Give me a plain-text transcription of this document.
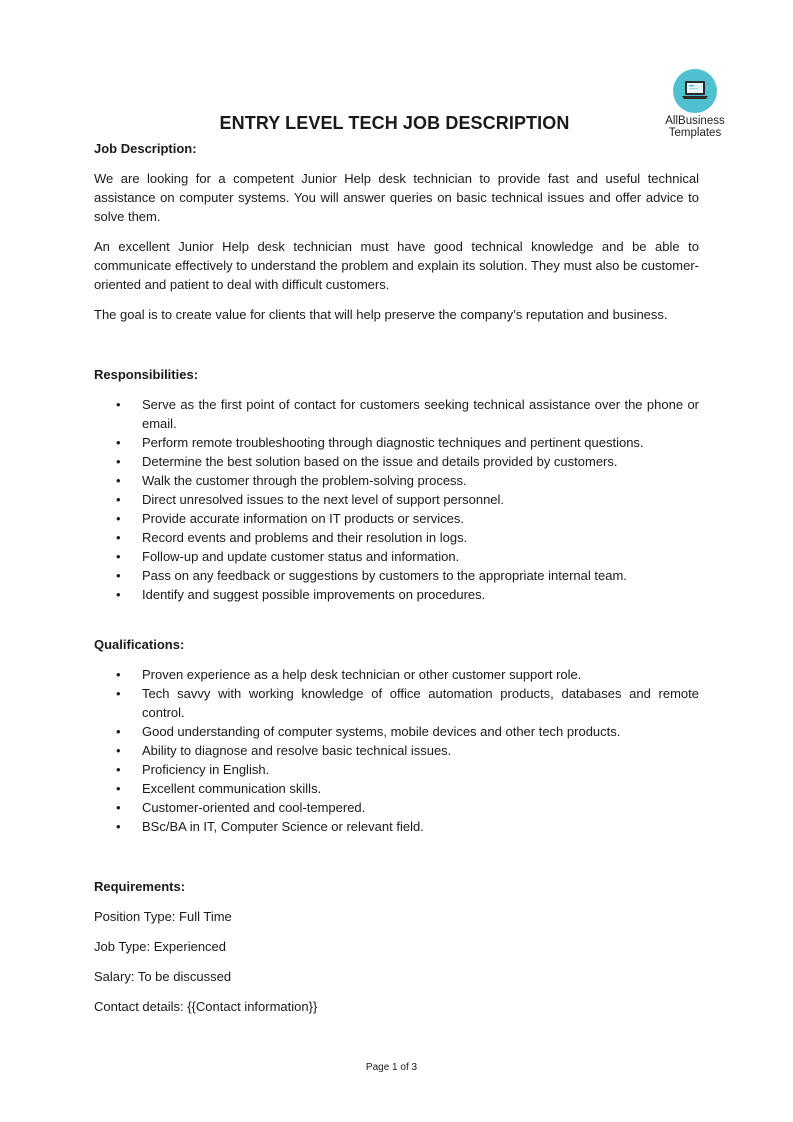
AllBusiness
Templates
ENTRY LEVEL TECH JOB DESCRIPTION

Job Description:

We are looking for a competent Junior Help desk technician to provide fast and useful technical assistance on computer systems. You will answer queries on basic technical issues and offer advice to solve them.

An excellent Junior Help desk technician must have good technical knowledge and be able to communicate effectively to understand the problem and explain its solution. They must also be customer-oriented and patient to deal with difficult customers.

The goal is to create value for clients that will help preserve the company’s reputation and business.

Responsibilities:

• Serve as the first point of contact for customers seeking technical assistance over the phone or email.
• Perform remote troubleshooting through diagnostic techniques and pertinent questions.
• Determine the best solution based on the issue and details provided by customers.
• Walk the customer through the problem-solving process.
• Direct unresolved issues to the next level of support personnel.
• Provide accurate information on IT products or services.
• Record events and problems and their resolution in logs.
• Follow-up and update customer status and information.
• Pass on any feedback or suggestions by customers to the appropriate internal team.
• Identify and suggest possible improvements on procedures.

Qualifications:

• Proven experience as a help desk technician or other customer support role.
• Tech savvy with working knowledge of office automation products, databases and remote control.
• Good understanding of computer systems, mobile devices and other tech products.
• Ability to diagnose and resolve basic technical issues.
• Proficiency in English.
• Excellent communication skills.
• Customer-oriented and cool-tempered.
• BSc/BA in IT, Computer Science or relevant field.

Requirements:

Position Type: Full Time

Job Type: Experienced

Salary: To be discussed

Contact details: {{Contact information}}

Page 1 of 3
